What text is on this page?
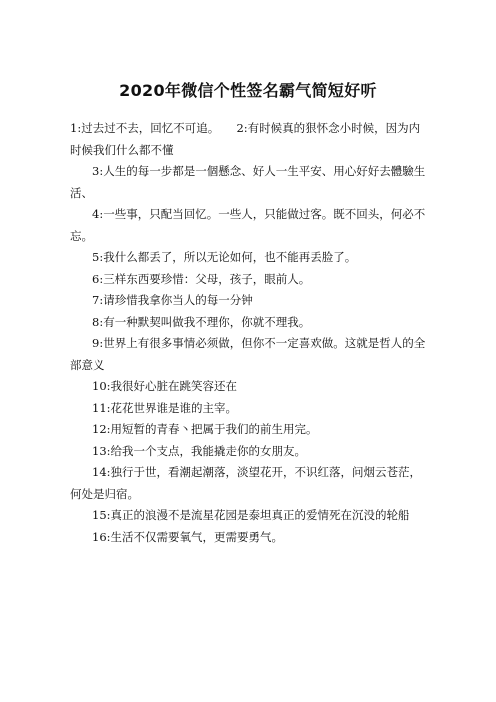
2020年微信个性签名霸气简短好听

1:过去过不去，回忆不可追。　　2:有时候真的狠怀念小时候，因为内时候我们什么都不懂

3:人生的每一步都是一個懸念、好人一生平安、用心好好去體驗生活、

4:一些事，只配当回忆。一些人，只能做过客。既不回头，何必不忘。

5:我什么都丢了，所以无论如何，也不能再丢脸了。

6:三样东西要珍惜：父母，孩子，眼前人。

7:请珍惜我拿你当人的每一分钟

8:有一种默契叫做我不理你，你就不理我。

9:世界上有很多事情必须做，但你不一定喜欢做。这就是哲人的全部意义

10:我很好心脏在跳笑容还在

11:花花世界谁是谁的主宰。

12:用短暂的青春丶把属于我们的前生用完。

13:给我一个支点，我能撬走你的女朋友。

14:独行于世，看潮起潮落，淡望花开，不识红落，问烟云苍茫，何处是归宿。

15:真正的浪漫不是流星花园是泰坦真正的爱情死在沉没的轮船

16:生活不仅需要氧气，更需要勇气。
